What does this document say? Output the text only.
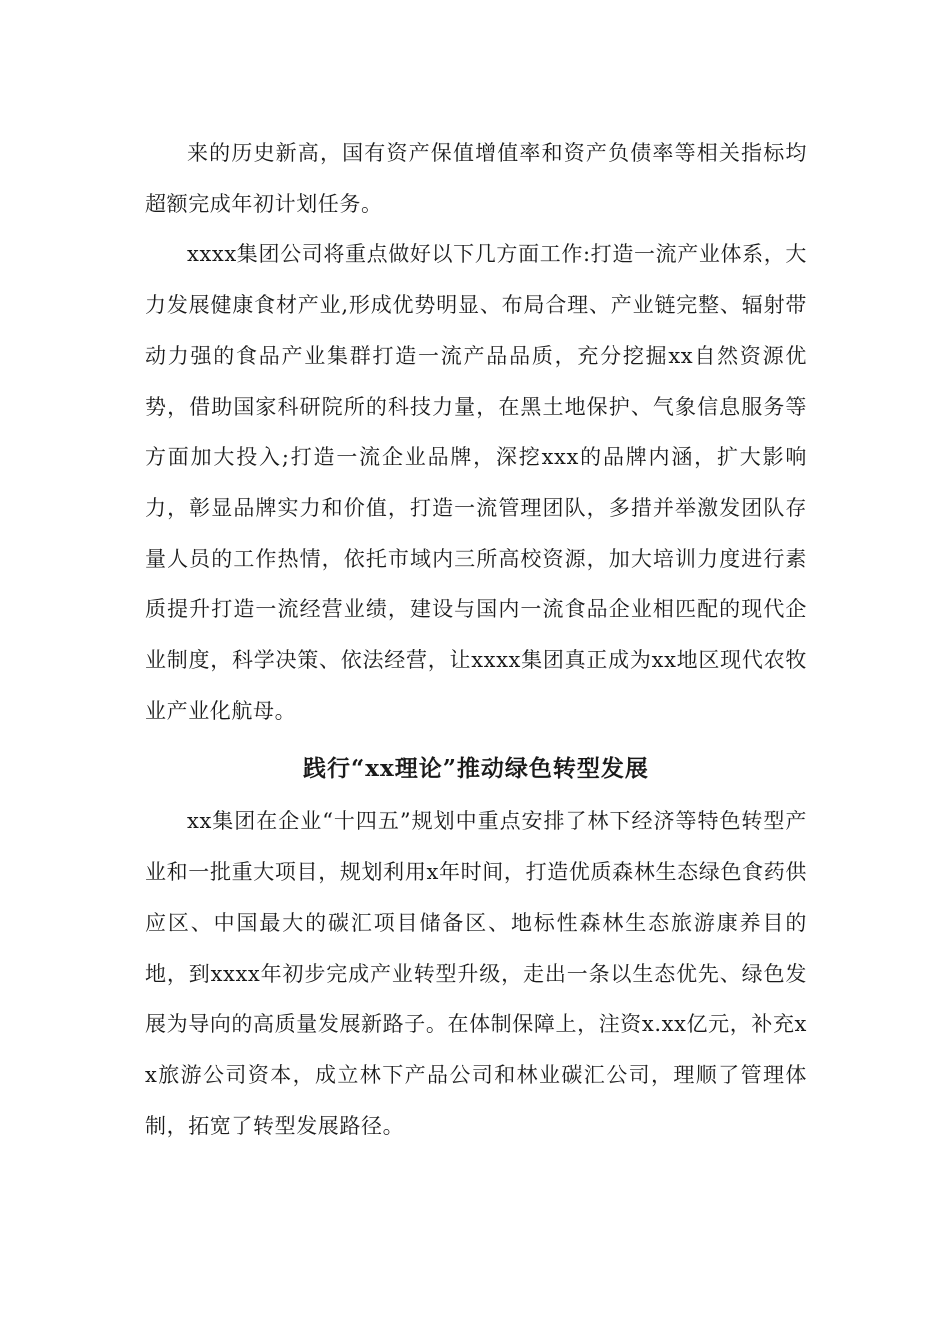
来的历史新高，国有资产保值增值率和资产负债率等相关指标均超额完成年初计划任务。

xxxx集团公司将重点做好以下几方面工作:打造一流产业体系，大力发展健康食材产业,形成优势明显、布局合理、产业链完整、辐射带动力强的食品产业集群打造一流产品品质，充分挖掘xx自然资源优势，借助国家科研院所的科技力量，在黑土地保护、气象信息服务等方面加大投入;打造一流企业品牌，深挖xxx的品牌内涵，扩大影响力，彰显品牌实力和价值，打造一流管理团队，多措并举激发团队存量人员的工作热情，依托市域内三所高校资源，加大培训力度进行素质提升打造一流经营业绩，建设与国内一流食品企业相匹配的现代企业制度，科学决策、依法经营，让xxxx集团真正成为xx地区现代农牧业产业化航母。

践行“xx理论”推动绿色转型发展

xx集团在企业“十四五”规划中重点安排了林下经济等特色转型产业和一批重大项目，规划利用x年时间，打造优质森林生态绿色食药供应区、中国最大的碳汇项目储备区、地标性森林生态旅游康养目的地，到xxxx年初步完成产业转型升级，走出一条以生态优先、绿色发展为导向的高质量发展新路子。在体制保障上，注资x.xx亿元，补充xx旅游公司资本，成立林下产品公司和林业碳汇公司，理顺了管理体制，拓宽了转型发展路径。
